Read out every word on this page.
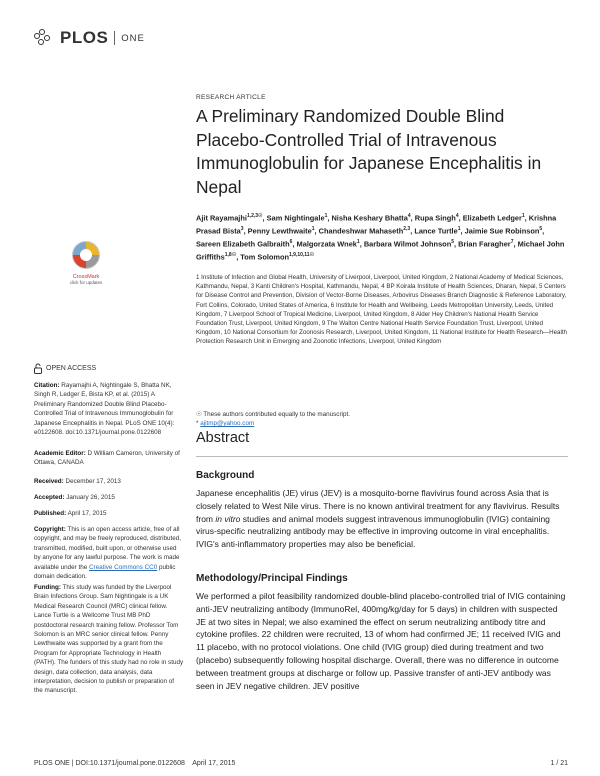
PLOS ONE
CrossMark
click for updates
OPEN ACCESS
Citation: Rayamajhi A, Nightingale S, Bhatta NK, Singh R, Ledger E, Bista KP, et al. (2015) A Preliminary Randomized Double Blind Placebo-Controlled Trial of Intravenous Immunoglobulin for Japanese Encephalitis in Nepal. PLoS ONE 10(4): e0122608. doi:10.1371/journal.pone.0122608
Academic Editor: D William Cameron, University of Ottawa, CANADA
Received: December 17, 2013
Accepted: January 26, 2015
Published: April 17, 2015
Copyright: This is an open access article, free of all copyright, and may be freely reproduced, distributed, transmitted, modified, built upon, or otherwise used by anyone for any lawful purpose. The work is made available under the Creative Commons CC0 public domain dedication.
Funding: This study was funded by the Liverpool Brain Infections Group. Sam Nightingale is a UK Medical Research Council (MRC) clinical fellow. Lance Turtle is a Wellcome Trust MB PhD postdoctoral research training fellow. Professor Tom Solomon is an MRC senior clinical fellow. Penny Lewthwaite was supported by a grant from the Program for Appropriate Technology in Health (PATH). The funders of this study had no role in study design, data collection, data analysis, data interpretation, decision to publish or preparation of the manuscript.
RESEARCH ARTICLE
A Preliminary Randomized Double Blind Placebo-Controlled Trial of Intravenous Immunoglobulin for Japanese Encephalitis in Nepal
Ajit Rayamajhi$^{1,2,3☉}$, Sam Nightingale$^1$, Nisha Keshary Bhatta$^4$, Rupa Singh$^4$, Elizabeth Ledger$^1$, Krishna Prasad Bista$^3$, Penny Lewthwaite$^1$, Chandeshwar Mahaseth$^{2,3}$, Lance Turtle$^1$, Jaimie Sue Robinson$^5$, Sareen Elizabeth Galbraith$^6$, Malgorzata Wnek$^1$, Barbara Wilmot Johnson$^5$, Brian Faragher$^7$, Michael John Griffiths$^{1,8☉}$, Tom Solomon$^{1,9,10,11☉}$
1 Institute of Infection and Global Health, University of Liverpool, Liverpool, United Kingdom, 2 National Academy of Medical Sciences, Kathmandu, Nepal, 3 Kanti Children's Hospital, Kathmandu, Nepal, 4 BP Koirala Institute of Health Sciences, Dharan, Nepal, 5 Centers for Disease Control and Prevention, Division of Vector-Borne Diseases, Arbovirus Diseases Branch Diagnostic & Reference Laboratory, Fort Collins, Colorado, United States of America, 6 Institute for Health and Wellbeing, Leeds Metropolitan University, Leeds, United Kingdom, 7 Liverpool School of Tropical Medicine, Liverpool, United Kingdom, 8 Alder Hey Children's National Health Service Foundation Trust, Liverpool, United Kingdom, 9 The Walton Centre National Health Service Foundation Trust, Liverpool, United Kingdom, 10 National Consortium for Zoonosis Research, Liverpool, United Kingdom, 11 National Institute for Health Research—Health Protection Research Unit in Emerging and Zoonotic Infections, Liverpool, United Kingdom
☉ These authors contributed equally to the manuscript.
* ajitmp@yahoo.com
Abstract
Background
Japanese encephalitis (JE) virus (JEV) is a mosquito-borne flavivirus found across Asia that is closely related to West Nile virus. There is no known antiviral treatment for any flavivirus. Results from in vitro studies and animal models suggest intravenous immunoglobulin (IVIG) containing virus-specific neutralizing antibody may be effective in improving outcome in viral encephalitis. IVIG's anti-inflammatory properties may also be beneficial.
Methodology/Principal Findings
We performed a pilot feasibility randomized double-blind placebo-controlled trial of IVIG containing anti-JEV neutralizing antibody (ImmunoRel, 400mg/kg/day for 5 days) in children with suspected JE at two sites in Nepal; we also examined the effect on serum neutralizing antibody titre and cytokine profiles. 22 children were recruited, 13 of whom had confirmed JE; 11 received IVIG and 11 placebo, with no protocol violations. One child (IVIG group) died during treatment and two (placebo) subsequently following hospital discharge. Overall, there was no difference in outcome between treatment groups at discharge or follow up. Passive transfer of anti-JEV antibody was seen in JEV negative children. JEV positive
PLOS ONE | DOI:10.1371/journal.pone.0122608    April 17, 2015	1 / 21
